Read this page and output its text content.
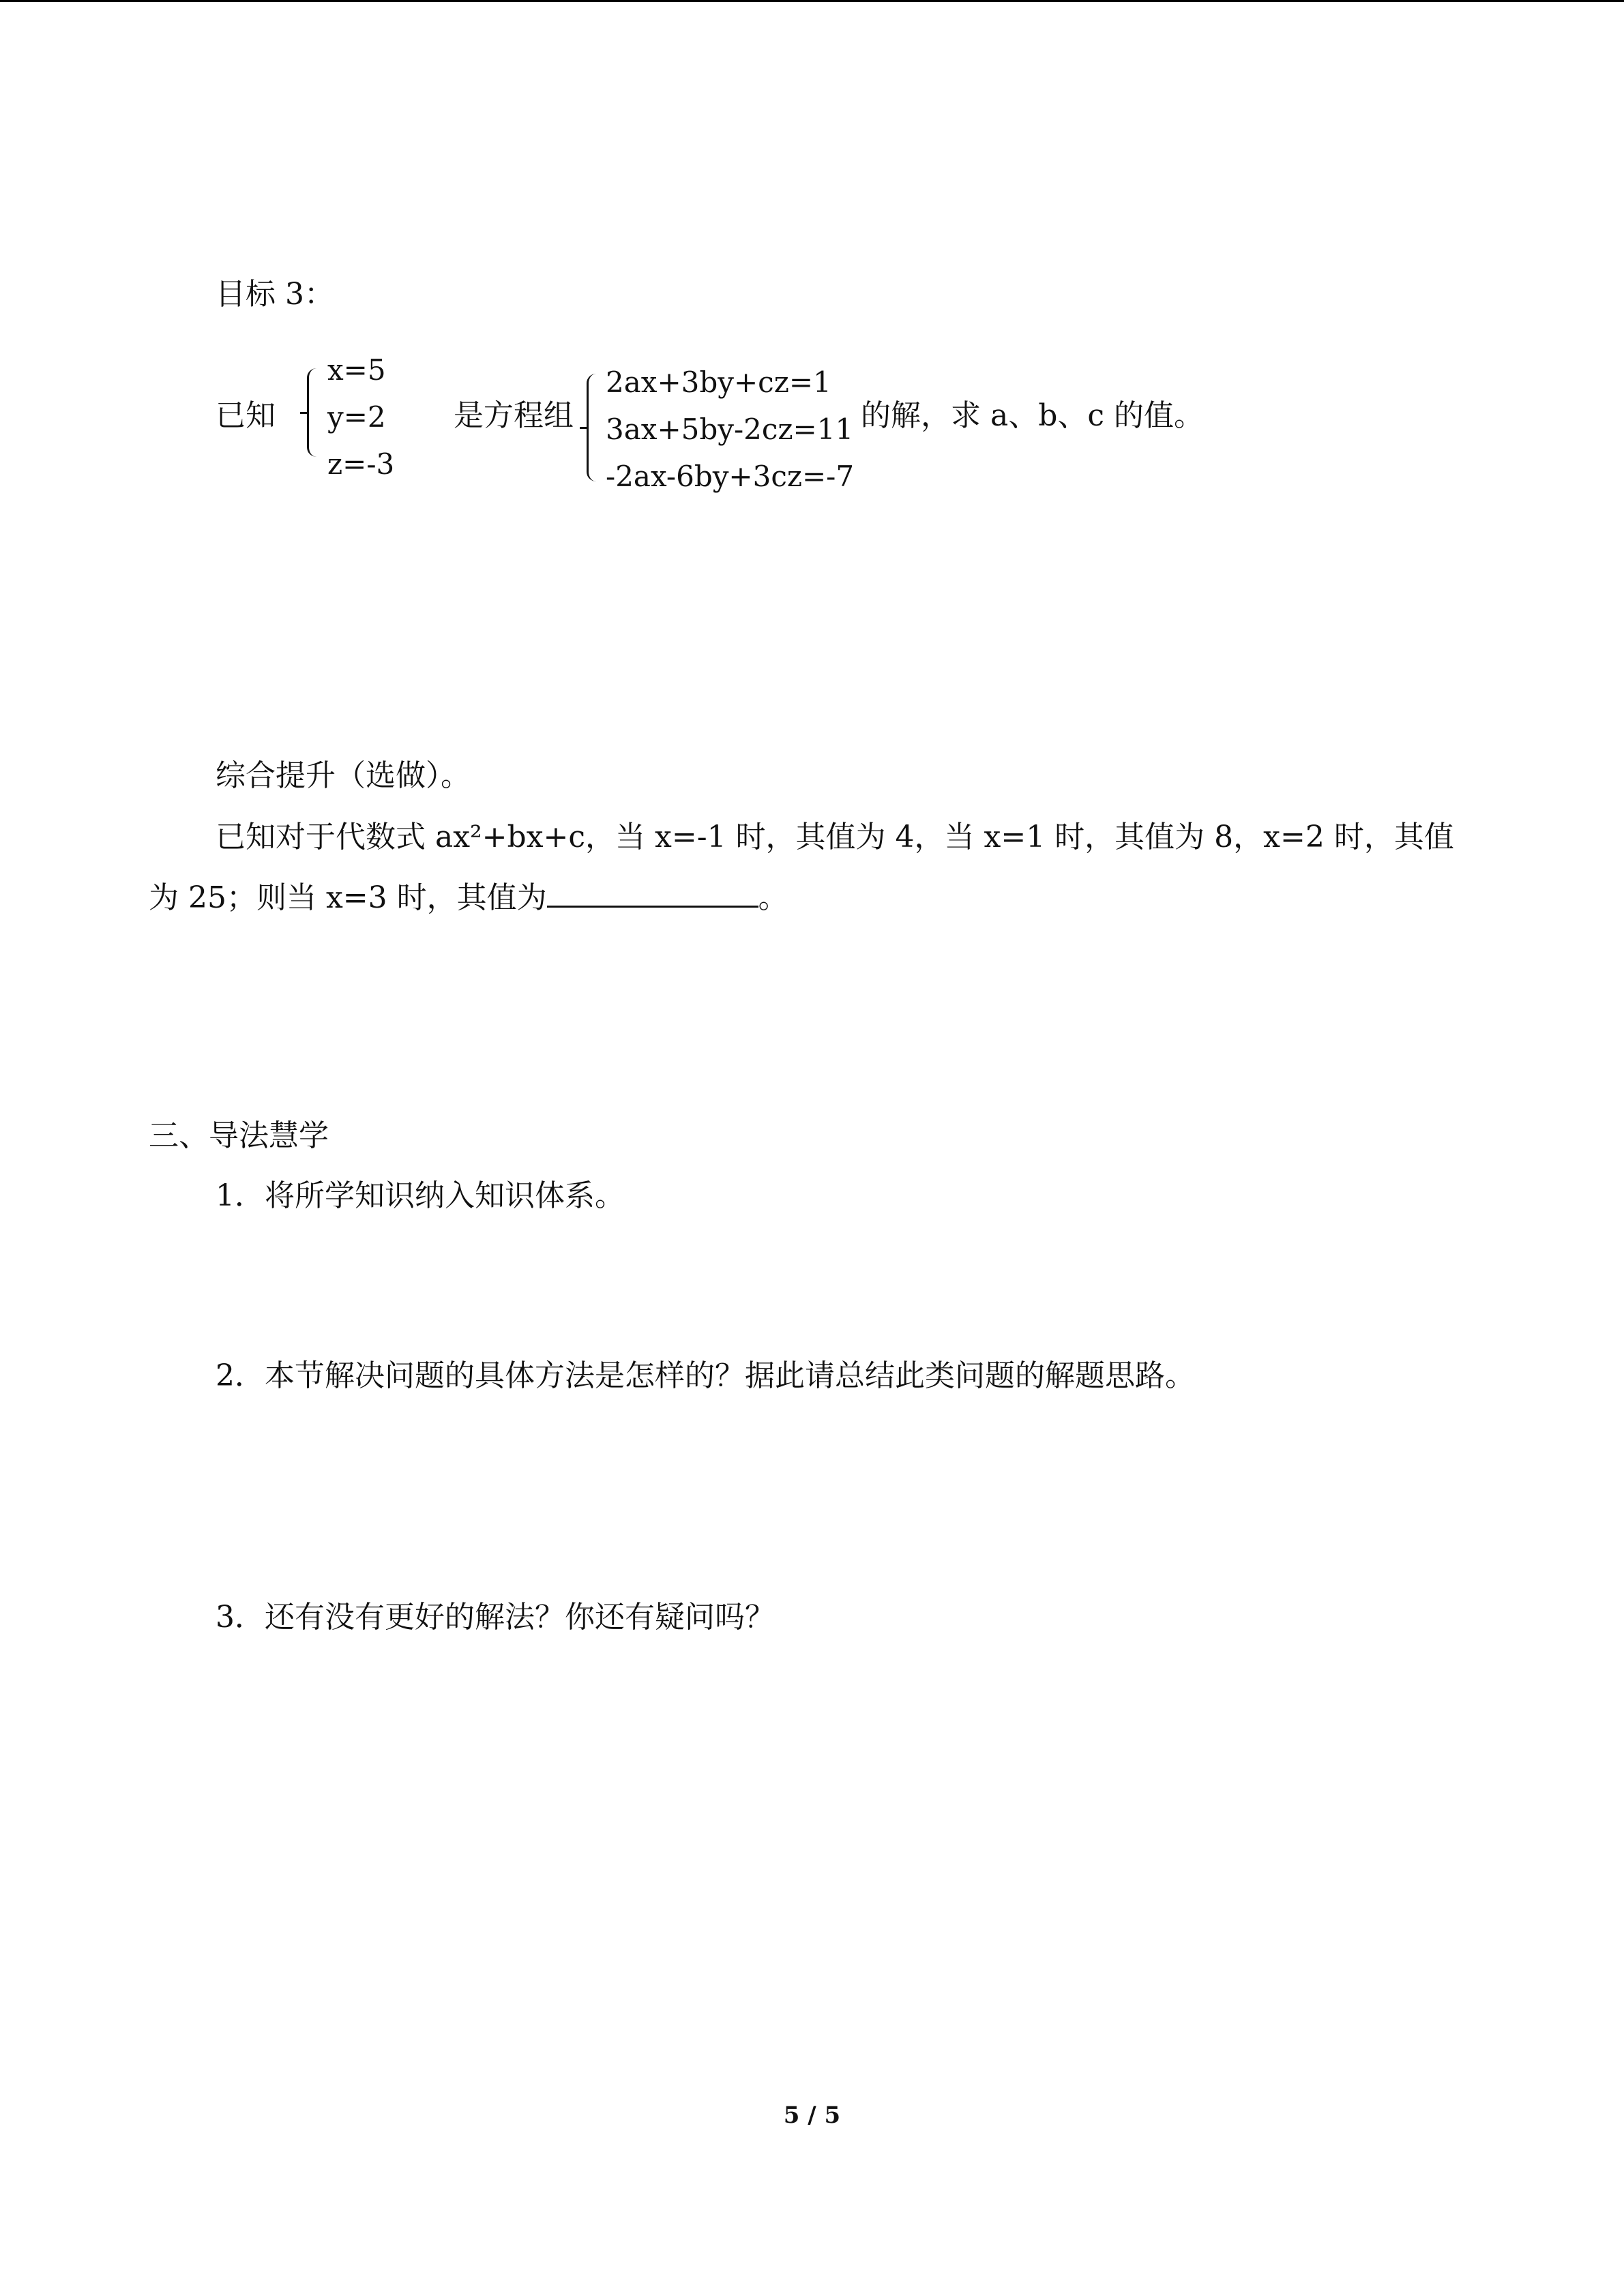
目标 3：
已知
x=5
y=2
z=-3
是方程组
2ax+3by+cz=1
3ax+5by-2cz=11
-2ax-6by+3cz=-7
的解，求 a、b、c 的值。
综合提升（选做）。
已知对于代数式 ax²+bx+c，当 x=-1 时，其值为 4，当 x=1 时，其值为 8，x=2 时，其值
为 25；则当 x=3 时，其值为	。
三、导法慧学
1．将所学知识纳入知识体系。
2．本节解决问题的具体方法是怎样的？据此请总结此类问题的解题思路。
3．还有没有更好的解法？你还有疑问吗？
5 / 5
